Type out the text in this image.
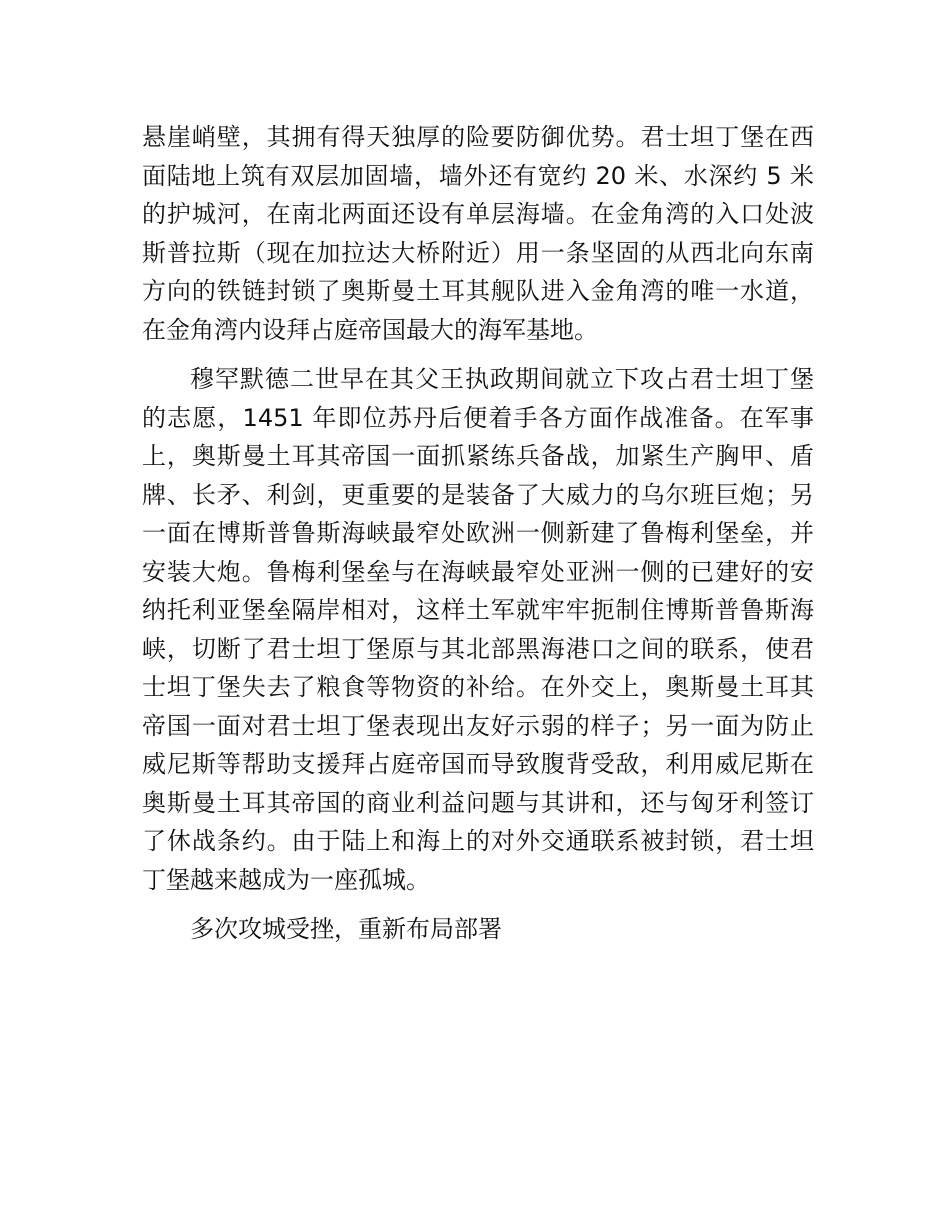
悬崖峭壁，其拥有得天独厚的险要防御优势。君士坦丁堡在西
面陆地上筑有双层加固墙，墙外还有宽约 20 米、水深约 5 米
的护城河，在南北两面还设有单层海墙。在金角湾的入口处波
斯普拉斯（现在加拉达大桥附近）用一条坚固的从西北向东南
方向的铁链封锁了奥斯曼土耳其舰队进入金角湾的唯一水道，
在金角湾内设拜占庭帝国最大的海军基地。
穆罕默德二世早在其父王执政期间就立下攻占君士坦丁堡
的志愿，1451 年即位苏丹后便着手各方面作战准备。在军事
上，奥斯曼土耳其帝国一面抓紧练兵备战，加紧生产胸甲、盾
牌、长矛、利剑，更重要的是装备了大威力的乌尔班巨炮；另
一面在博斯普鲁斯海峡最窄处欧洲一侧新建了鲁梅利堡垒，并
安装大炮。鲁梅利堡垒与在海峡最窄处亚洲一侧的已建好的安
纳托利亚堡垒隔岸相对，这样土军就牢牢扼制住博斯普鲁斯海
峡，切断了君士坦丁堡原与其北部黑海港口之间的联系，使君
士坦丁堡失去了粮食等物资的补给。在外交上，奥斯曼土耳其
帝国一面对君士坦丁堡表现出友好示弱的样子；另一面为防止
威尼斯等帮助支援拜占庭帝国而导致腹背受敌，利用威尼斯在
奥斯曼土耳其帝国的商业利益问题与其讲和，还与匈牙利签订
了休战条约。由于陆上和海上的对外交通联系被封锁，君士坦
丁堡越来越成为一座孤城。
多次攻城受挫，重新布局部署
